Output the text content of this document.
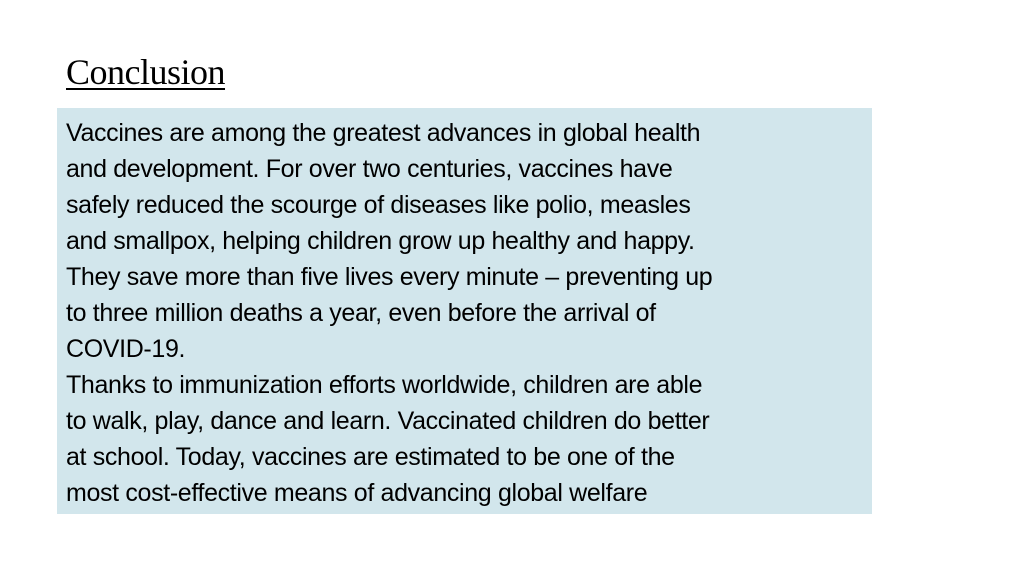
Conclusion

Vaccines are among the greatest advances in global health
and development. For over two centuries, vaccines have
safely reduced the scourge of diseases like polio, measles
and smallpox, helping children grow up healthy and happy.
They save more than five lives every minute – preventing up
to three million deaths a year, even before the arrival of
COVID-19.

Thanks to immunization efforts worldwide, children are able
to walk, play, dance and learn. Vaccinated children do better
at school. Today, vaccines are estimated to be one of the
most cost-effective means of advancing global welfare
